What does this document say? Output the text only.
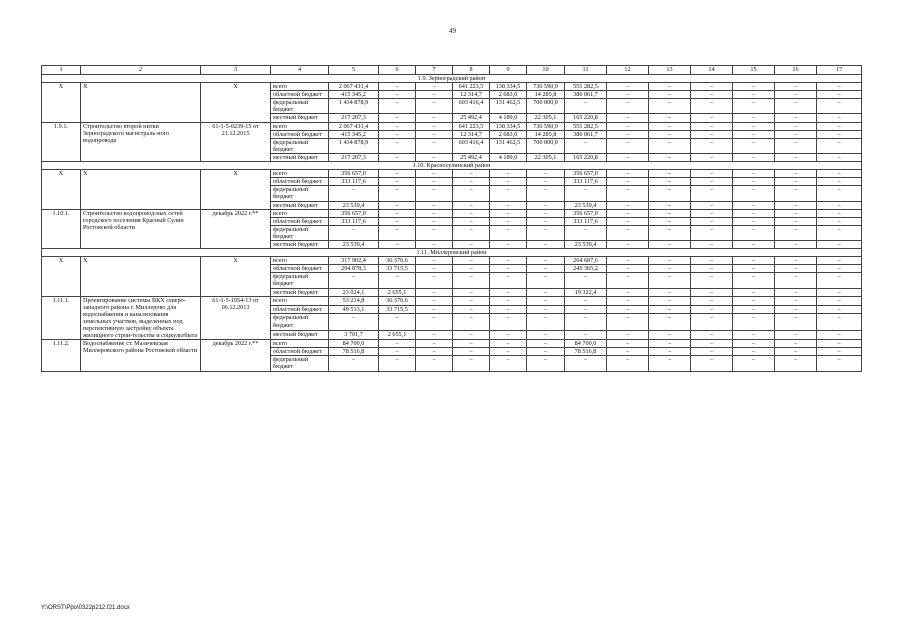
49
1	2	3	4	5	6	7	8	9	10	11	12	13	14	15	16	17
1.9. Зерноградский район																
Х	Х	Х	всего	2 067 431,4	–	–	641 223,5	138 334,5	736 590,9	551 282,5	–	–	–	–	–	–
			областной бюджет	415 345,2	–	–	12 314,7	2 683,0	14 285,8	386 061,7	–	–	–	–	–	–
			федеральный бюджет	1 434 878,9	–	–	603 416,4	131 462,5	700 000,0	–	–	–	–	–	–	–
			местный бюджет	217 207,3	–	–	25 492,4	4 189,0	22 305,1	165 220,8	–	–	–	–	–	–
1.9.1.	Строительство второй нитки Зерноградского магистраль-ного водопровода	61-1-5-0239-15 от 21.12.2015	всего	2 067 431,4	–	–	641 223,5	138 334,5	736 590,9	551 282,5	–	–	–	–	–	–
			областной бюджет	415 345,2	–	–	12 314,7	2 683,0	14 285,8	386 061,7	–	–	–	–	–	–
			федеральный бюджет	1 434 878,9	–	–	603 416,4	131 462,5	700 000,0	–	–	–	–	–	–	–
			местный бюджет	217 207,3	–	–	25 492,4	4 189,0	22 305,1	165 220,8	–	–	–	–	–	–
1.10. Красносулинский район																
Х	Х	Х	всего	356 657,0	–	–	–	–	–	356 657,0	–	–	–	–	–	–
			областной бюджет	333 117,6	–	–	–	–	–	333 117,6	–	–	–	–	–	–
			федеральный бюджет	–	–	–	–	–	–	–	–	–	–	–	–	–
			местный бюджет	23 539,4	–	–	–	–	–	23 539,4	–	–	–	–	–	–
1.10.1.	Строительство водопровод-ных сетей городского поселения Красный Сулин Ростовской области	декабрь 2022 г.**	всего	356 657,0	–	–	–	–	–	356 657,0	–	–	–	–	–	–
			областной бюджет	333 117,6	–	–	–	–	–	333 117,6	–	–	–	–	–	–
			федеральный бюджет	–	–	–	–	–	–	–	–	–	–	–	–	–
			местный бюджет	23 539,4	–	–	–	–	–	23 539,4	–	–	–	–	–	–
1.11. Миллеровский район																
Х	Х	Х	всего	317 902,4	36 370,6	–	–	–	–	264 687,6	–	–	–	–	–	–
			областной бюджет	294 878,3	33 715,5	–	–	–	–	245 365,2	–	–	–	–	–	–
			федеральный бюджет	–	–	–	–	–	–	–	–	–	–	–	–	–
			местный бюджет	23 024,1	2 655,1	–	–	–	–	19 322,4	–	–	–	–	–	–
1.11.1.	Проектирование системы ВКХ северо-западного района г. Миллерово для водоснабжения и канализования земельных участков, выделенных под перспективную застройку объекта жилищного строи-тельства и соцкультбыта	61-1-5-1054-13 от 06.12.2013	всего	53 214,8	36 370,6	–	–	–	–	–	–	–	–	–	–	–
			областной бюджет	49 513,1	33 715,5	–	–	–	–	–	–	–	–	–	–	–
			федеральный бюджет	–	–	–	–	–	–	–	–	–	–	–	–	–
			местный бюджет	3 701,7	2 655,1	–	–	–	–	–	–	–	–	–	–	–
1.11.2.	Водоснабжение ст. Мальчевская Миллеровского района Ростовской области	декабрь 2022 г.**	всего	84 700,0	–	–	–	–	–	84 700,0	–	–	–	–	–	–
			областной бюджет	78 516,8	–	–	–	–	–	78 516,8	–	–	–	–	–	–
			федеральный бюджет	–	–	–	–	–	–	–	–	–	–	–	–	–
Y:\ORST\Ppo\0322p212.f21.docx
